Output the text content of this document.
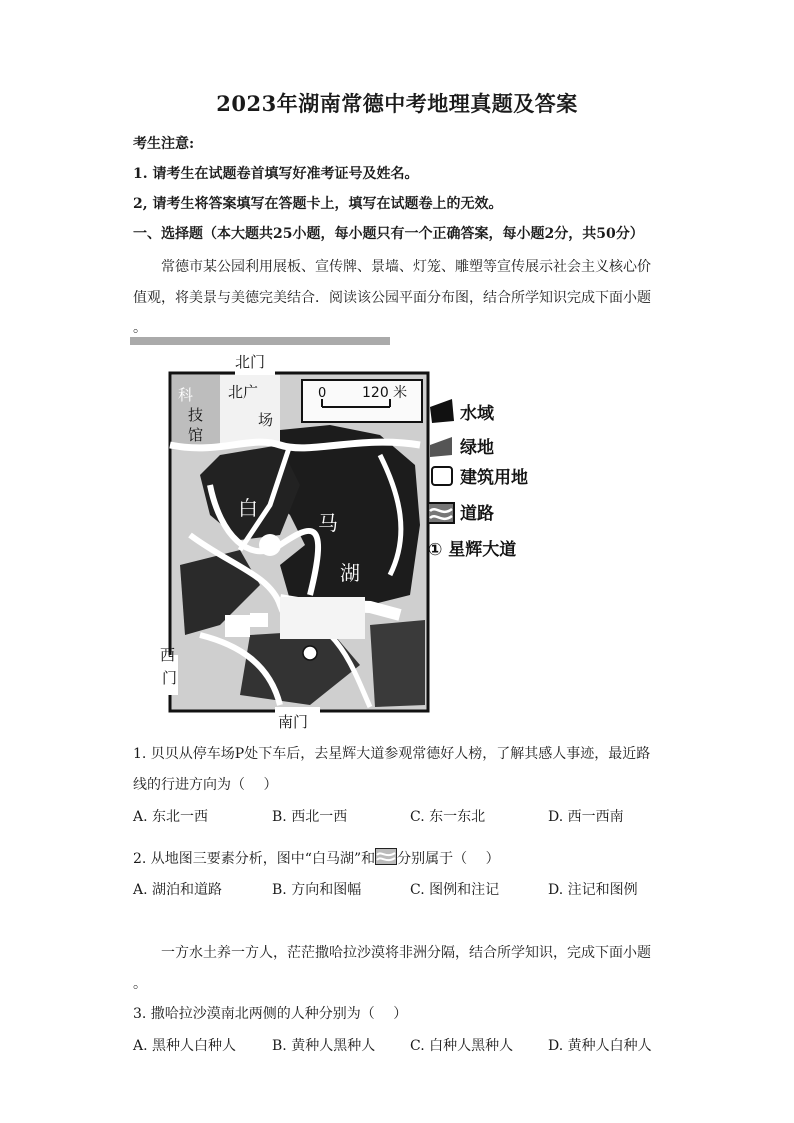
2023年湖南常德中考地理真题及答案
考生注意:
1. 请考生在试题卷首填写好准考证号及姓名。
2, 请考生将答案填写在答题卡上，填写在试题卷上的无效。
一、选择题（本大题共25小题，每小题只有一个正确答案，每小题2分，共50分）
常德市某公园利用展板、宣传牌、景墙、灯笼、雕塑等宣传展示社会主义核心价
值观，将美景与美德完美结合．阅读该公园平面分布图，结合所学知识完成下面小题
。
北门
科
技
馆
北广
场
0	120 米
白
马
湖
西
门
南门
水域
绿地
建筑用地
道路
① 星辉大道
1. 贝贝从停车场P处下车后，去星辉大道参观常德好人榜，了解其感人事迹，最近路
线的行进方向为（　 ）
A. 东北一西	B. 西北一西	C. 东一东北	D. 西一西南
2. 从地图三要素分析，图中“白马湖”和 分别属于（　 ）
A. 湖泊和道路	B. 方向和图幅	C. 图例和注记	D. 注记和图例
一方水土养一方人，茫茫撒哈拉沙漠将非洲分隔，结合所学知识，完成下面小题
。
3. 撒哈拉沙漠南北两侧的人种分别为（　 ）
A. 黑种人白种人	B. 黄种人黑种人 C. 白种人黑种人 D. 黄种人白种人
